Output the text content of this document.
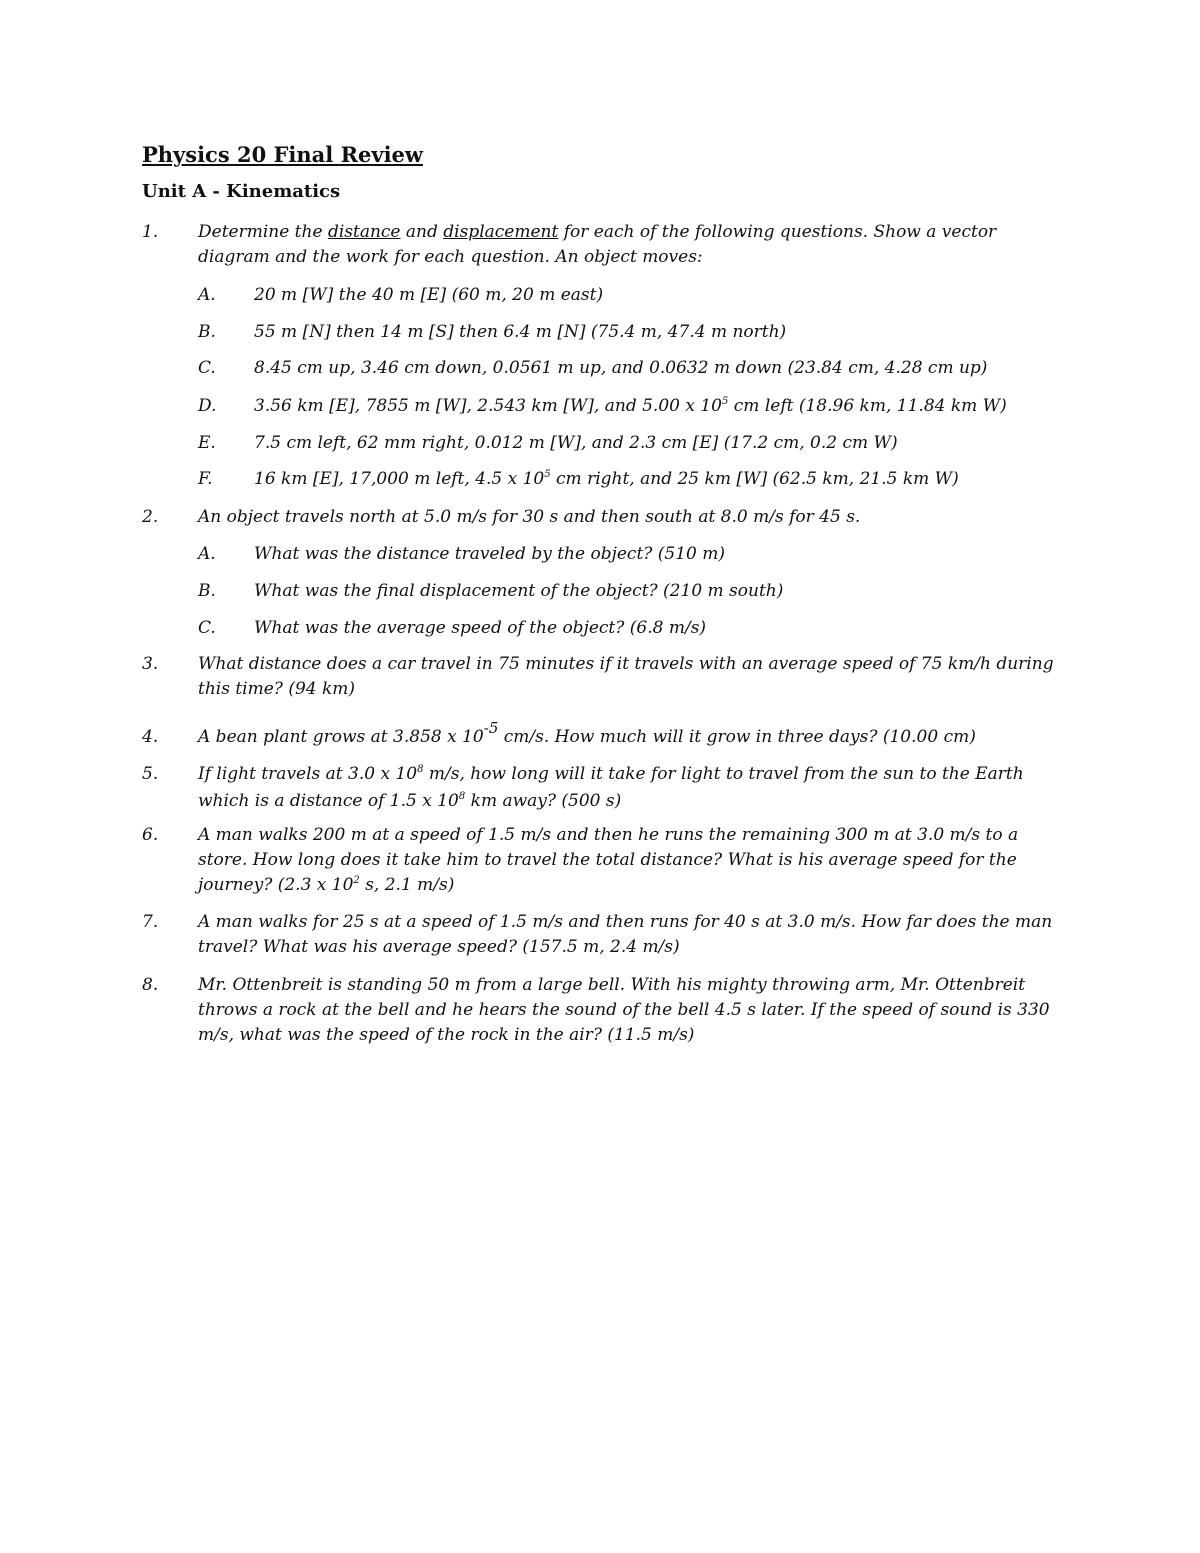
Physics 20 Final Review
Unit A - Kinematics
1. Determine the distance and displacement for each of the following questions. Show a vector diagram and the work for each question. An object moves:
A. 20 m [W] the 40 m [E] (60 m, 20 m east)
B. 55 m [N] then 14 m [S] then 6.4 m [N] (75.4 m, 47.4 m north)
C. 8.45 cm up, 3.46 cm down, 0.0561 m up, and 0.0632 m down (23.84 cm, 4.28 cm up)
D. 3.56 km [E], 7855 m [W], 2.543 km [W], and 5.00 x $10^5$ cm left (18.96 km, 11.84 km W)
E. 7.5 cm left, 62 mm right, 0.012 m [W], and 2.3 cm [E] (17.2 cm, 0.2 cm W)
F. 16 km [E], 17,000 m left, 4.5 x $10^5$ cm right, and 25 km [W] (62.5 km, 21.5 km W)
2. An object travels north at 5.0 m/s for 30 s and then south at 8.0 m/s for 45 s.
A. What was the distance traveled by the object? (510 m)
B. What was the final displacement of the object? (210 m south)
C. What was the average speed of the object? (6.8 m/s)
3. What distance does a car travel in 75 minutes if it travels with an average speed of 75 km/h during this time? (94 km)
4. A bean plant grows at 3.858 x $10^{-5}$ cm/s. How much will it grow in three days? (10.00 cm)
5. If light travels at 3.0 x $10^8$ m/s, how long will it take for light to travel from the sun to the Earth which is a distance of 1.5 x $10^8$ km away? (500 s)
6. A man walks 200 m at a speed of 1.5 m/s and then he runs the remaining 300 m at 3.0 m/s to a store. How long does it take him to travel the total distance? What is his average speed for the journey? (2.3 x $10^2$ s, 2.1 m/s)
7. A man walks for 25 s at a speed of 1.5 m/s and then runs for 40 s at 3.0 m/s. How far does the man travel? What was his average speed? (157.5 m, 2.4 m/s)
8. Mr. Ottenbreit is standing 50 m from a large bell. With his mighty throwing arm, Mr. Ottenbreit throws a rock at the bell and he hears the sound of the bell 4.5 s later. If the speed of sound is 330 m/s, what was the speed of the rock in the air? (11.5 m/s)
